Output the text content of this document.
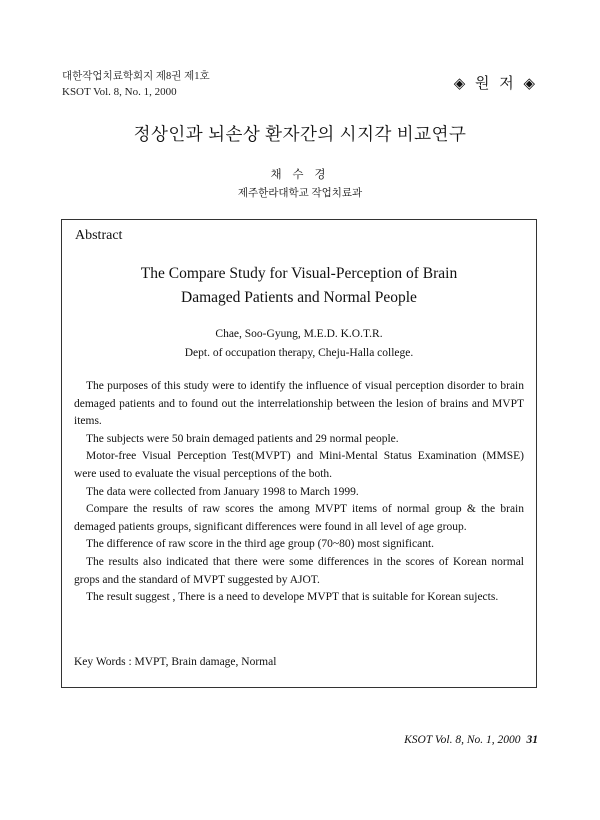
대한작업치료학회지 제8권 제1호
KSOT Vol. 8, No. 1, 2000	◈ 원 저 ◈
정상인과 뇌손상 환자간의 시지각 비교연구
채 수 경
제주한라대학교 작업치료과
Abstract
The Compare Study for Visual-Perception of Brain
Damaged Patients and Normal People
Chae, Soo-Gyung, M.E.D. K.O.T.R.
Dept. of occupation therapy, Cheju-Halla college.

The purposes of this study were to identify the influence of visual perception disorder to brain demaged patients and to found out the interrelationship between the lesion of brains and MVPT items.

The subjects were 50 brain demaged patients and 29 normal people.

Motor-free Visual Perception Test(MVPT) and Mini-Mental Status Examination (MMSE) were used to evaluate the visual perceptions of the both.

The data were collected from January 1998 to March 1999.

Compare the results of raw scores the among MVPT items of normal group & the brain demaged patients groups, significant differences were found in all level of age group.

The difference of raw score in the third age group (70~80) most significant.

The results also indicated that there were some differences in the scores of Korean normal grops and the standard of MVPT suggested by AJOT.

The result suggest , There is a need to develope MVPT that is suitable for Korean sujects.

Key Words : MVPT, Brain damage, Normal
KSOT Vol. 8, No. 1, 2000 31
